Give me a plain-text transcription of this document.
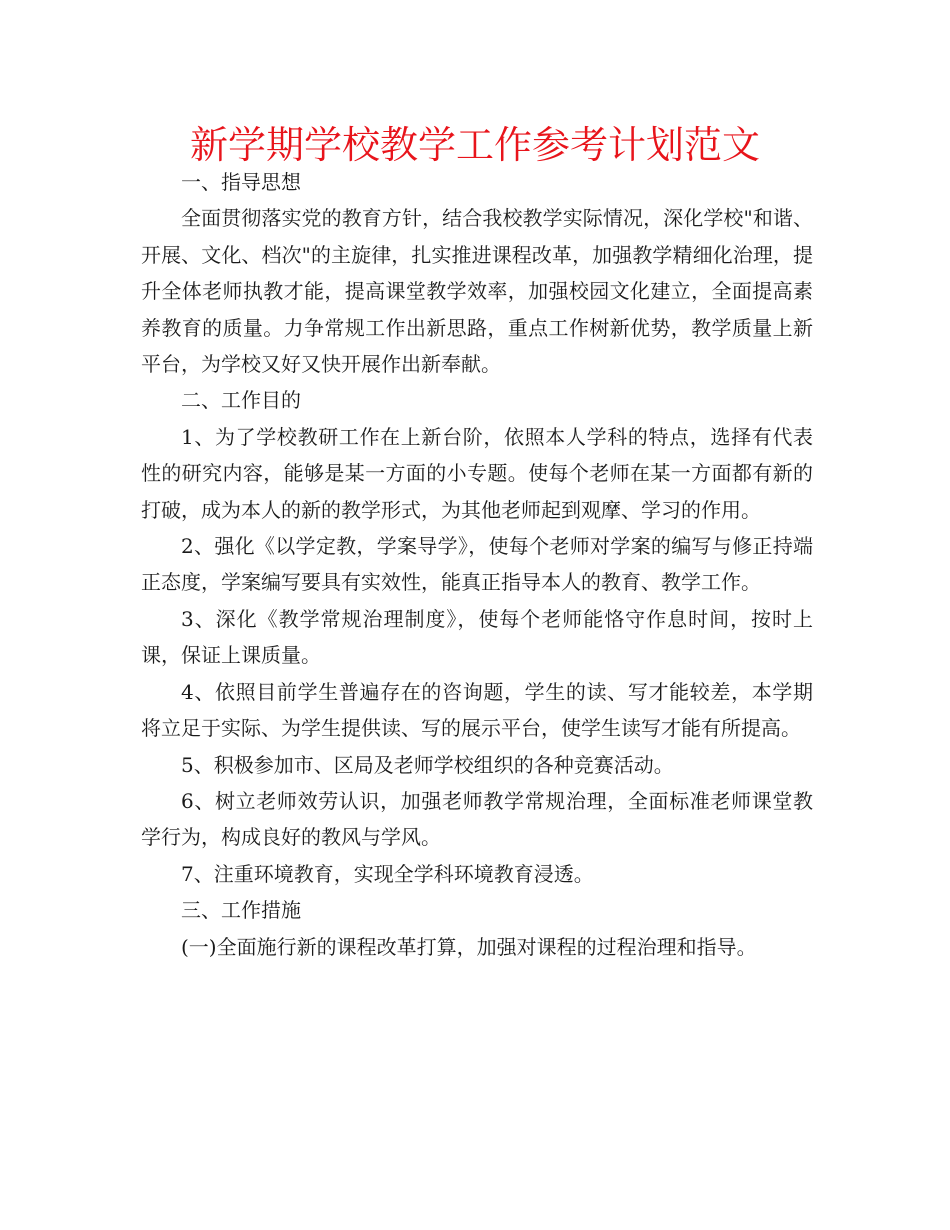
新学期学校教学工作参考计划范文

一、指导思想

全面贯彻落实党的教育方针，结合我校教学实际情况，深化学校"和谐、开展、文化、档次"的主旋律，扎实推进课程改革，加强教学精细化治理，提升全体老师执教才能，提高课堂教学效率，加强校园文化建立，全面提高素养教育的质量。力争常规工作出新思路，重点工作树新优势，教学质量上新平台，为学校又好又快开展作出新奉献。

二、工作目的

1、为了学校教研工作在上新台阶，依照本人学科的特点，选择有代表性的研究内容，能够是某一方面的小专题。使每个老师在某一方面都有新的打破，成为本人的新的教学形式，为其他老师起到观摩、学习的作用。

2、强化《以学定教，学案导学》，使每个老师对学案的编写与修正持端正态度，学案编写要具有实效性，能真正指导本人的教育、教学工作。

3、深化《教学常规治理制度》，使每个老师能恪守作息时间，按时上课，保证上课质量。

4、依照目前学生普遍存在的咨询题，学生的读、写才能较差，本学期将立足于实际、为学生提供读、写的展示平台，使学生读写才能有所提高。

5、积极参加市、区局及老师学校组织的各种竞赛活动。

6、树立老师效劳认识，加强老师教学常规治理，全面标准老师课堂教学行为，构成良好的教风与学风。

7、注重环境教育，实现全学科环境教育浸透。

三、工作措施

(一)全面施行新的课程改革打算，加强对课程的过程治理和指导。
